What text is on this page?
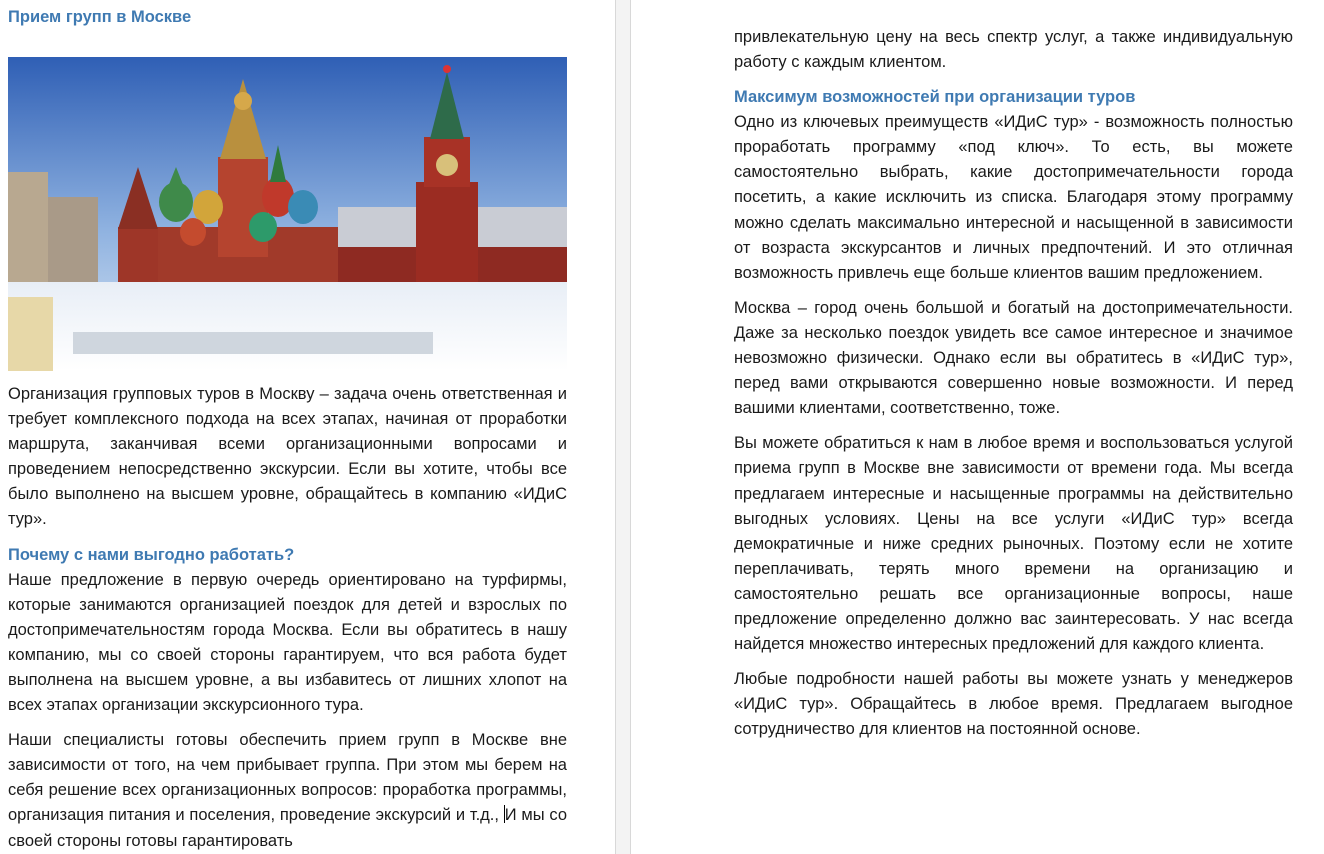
Прием групп в Москве

Организация групповых туров в Москву – задача очень ответственная и требует комплексного подхода на всех этапах, начиная от проработки маршрута, заканчивая всеми организационными вопросами и проведением непосредственно экскурсии. Если вы хотите, чтобы все было выполнено на высшем уровне, обращайтесь в компанию «ИДиС тур».

Почему с нами выгодно работать?

Наше предложение в первую очередь ориентировано на турфирмы, которые занимаются организацией поездок для детей и взрослых по достопримечательностям города Москва. Если вы обратитесь в нашу компанию, мы со своей стороны гарантируем, что вся работа будет выполнена на высшем уровне, а вы избавитесь от лишних хлопот на всех этапах организации экскурсионного тура.

Наши специалисты готовы обеспечить прием групп в Москве вне зависимости от того, на чем прибывает группа. При этом мы берем на себя решение всех организационных вопросов: проработка программы, организация питания и поселения, проведение экскурсий и т.д., И мы со своей стороны готовы гарантировать

привлекательную цену на весь спектр услуг, а также индивидуальную работу с каждым клиентом.

Максимум возможностей при организации туров

Одно из ключевых преимуществ «ИДиС тур» - возможность полностью проработать программу «под ключ». То есть, вы можете самостоятельно выбрать, какие достопримечательности города посетить, а какие исключить из списка. Благодаря этому программу можно сделать максимально интересной и насыщенной в зависимости от возраста экскурсантов и личных предпочтений. И это отличная возможность привлечь еще больше клиентов вашим предложением.

Москва – город очень большой и богатый на достопримечательности. Даже за несколько поездок увидеть все самое интересное и значимое невозможно физически. Однако если вы обратитесь в «ИДиС тур», перед вами открываются совершенно новые возможности. И перед вашими клиентами, соответственно, тоже.

Вы можете обратиться к нам в любое время и воспользоваться услугой приема групп в Москве вне зависимости от времени года. Мы всегда предлагаем интересные и насыщенные программы на действительно выгодных условиях. Цены на все услуги «ИДиС тур» всегда демократичные и ниже средних рыночных. Поэтому если не хотите переплачивать, терять много времени на организацию и самостоятельно решать все организационные вопросы, наше предложение определенно должно вас заинтересовать. У нас всегда найдется множество интересных предложений для каждого клиента.

Любые подробности нашей работы вы можете узнать у менеджеров «ИДиС тур». Обращайтесь в любое время. Предлагаем выгодное сотрудничество для клиентов на постоянной основе.
